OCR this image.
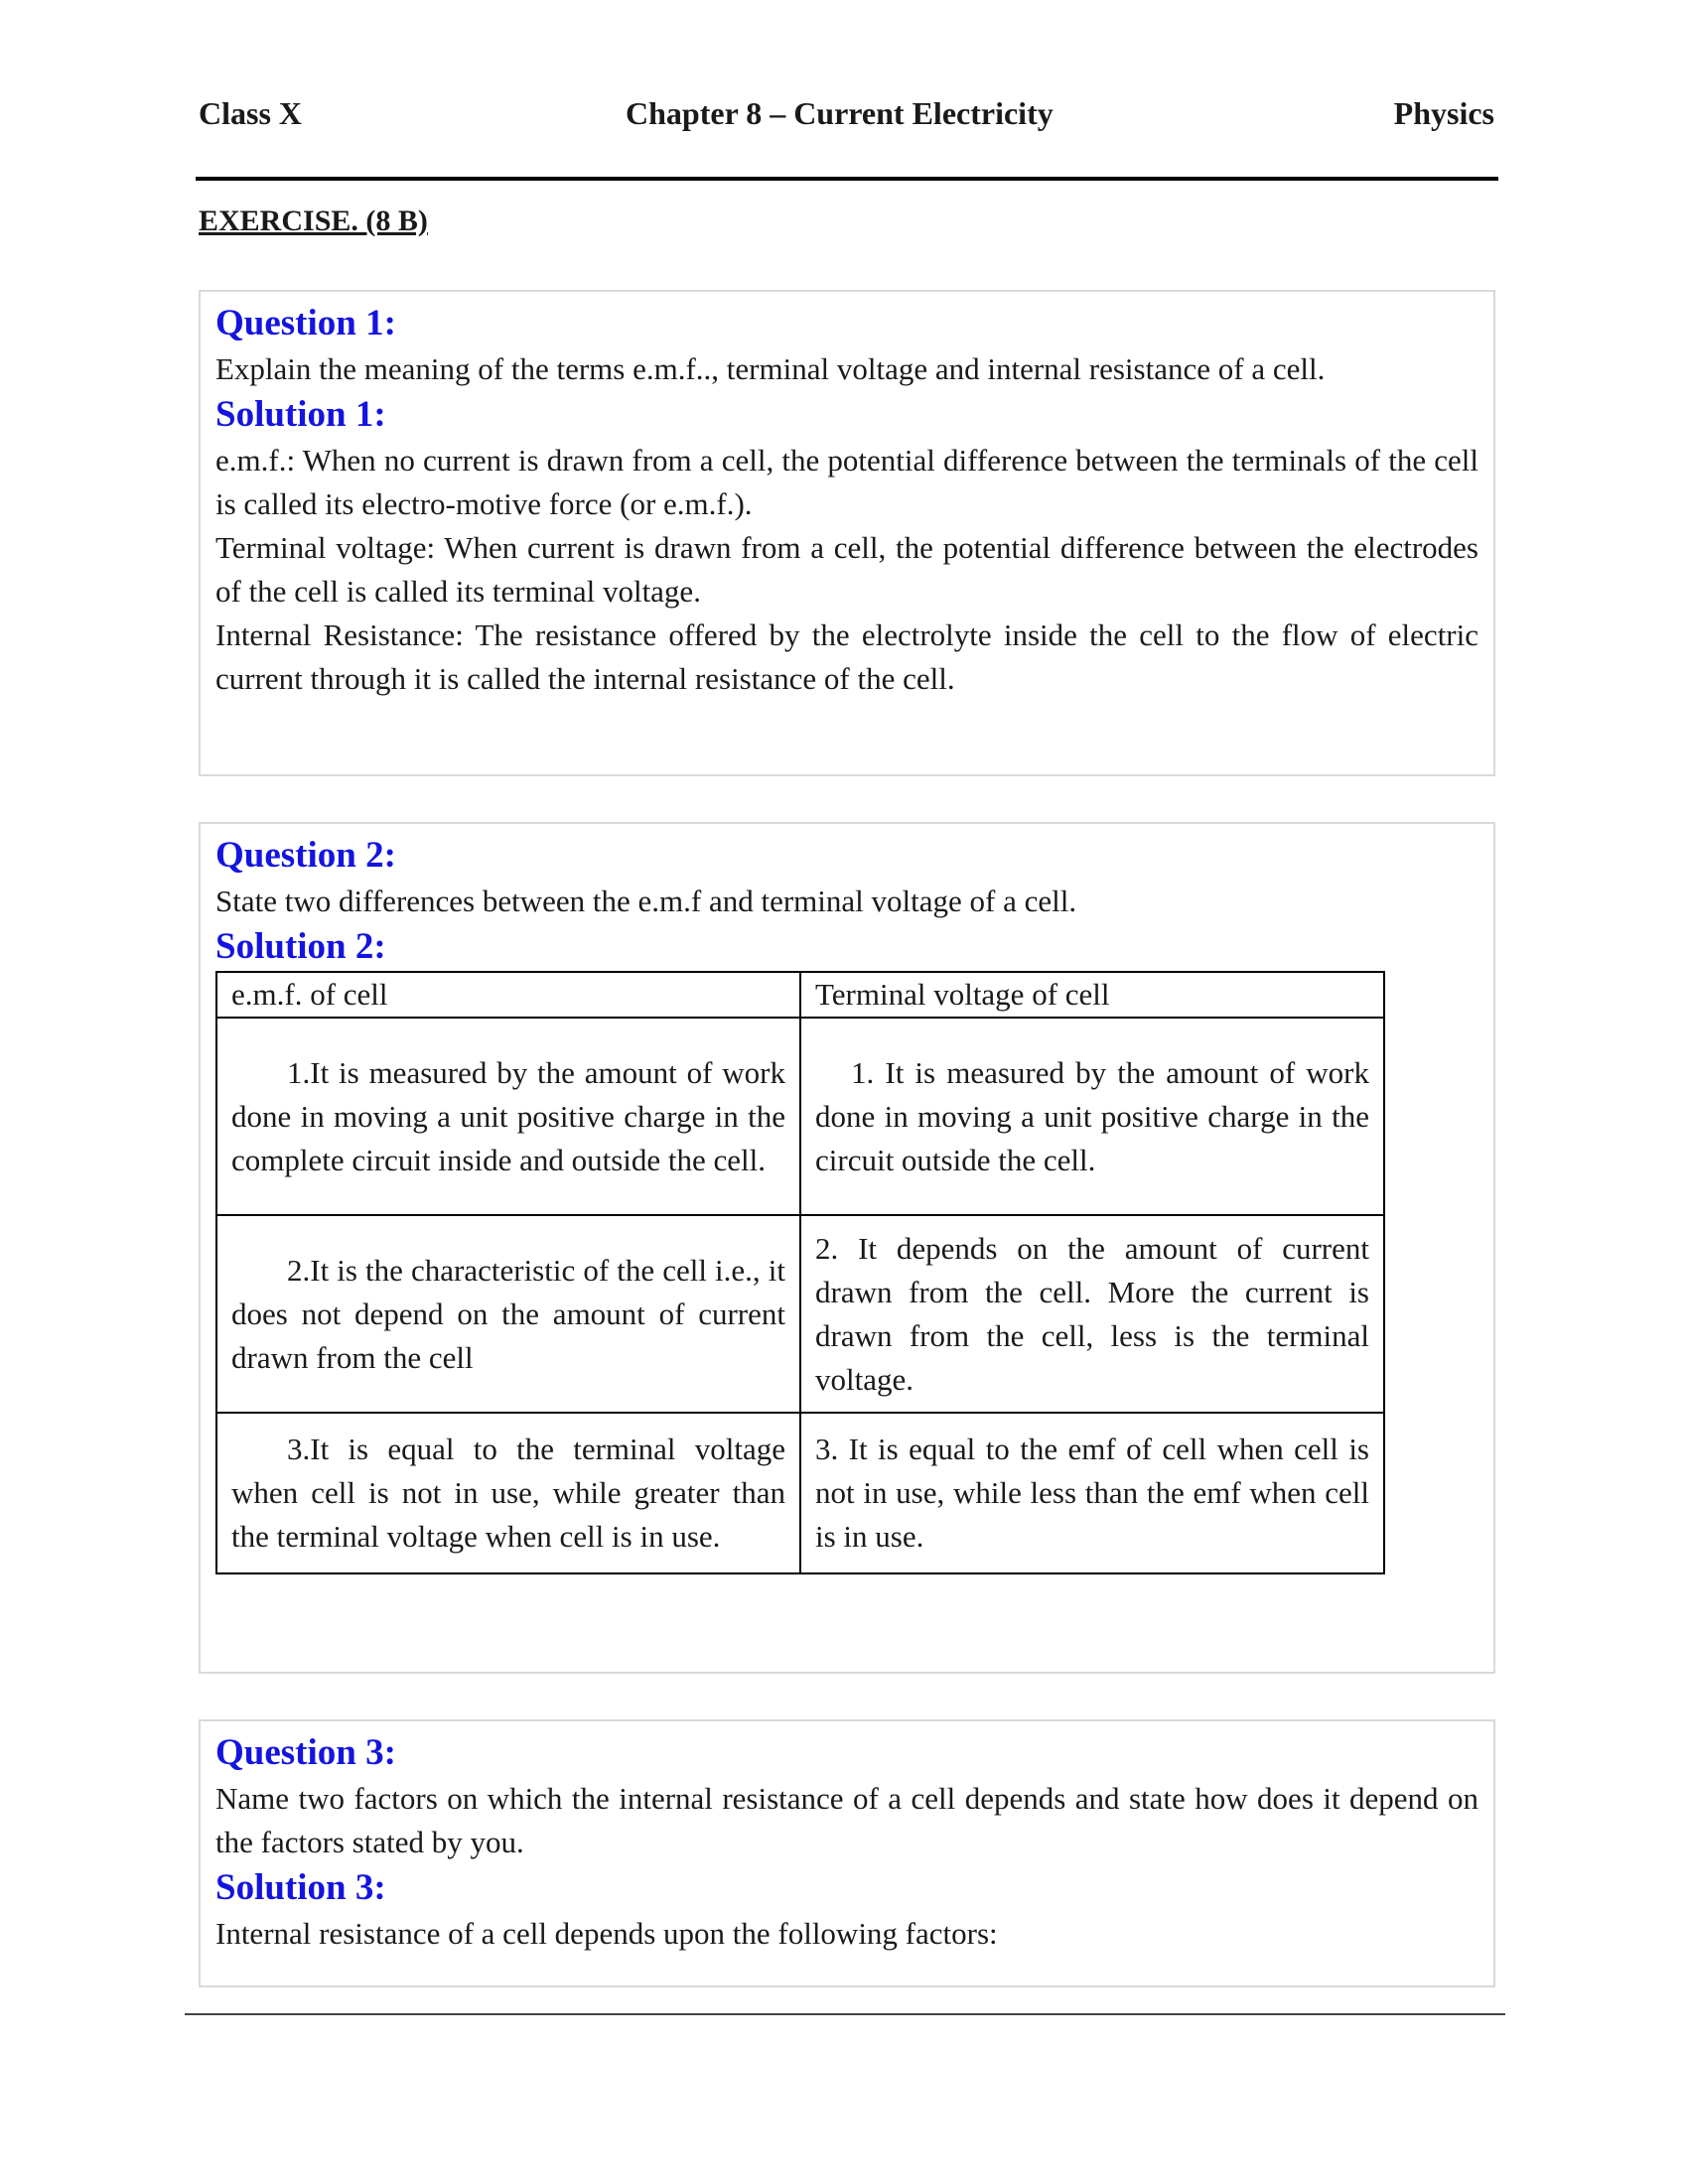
Class X	Chapter 8 – Current Electricity	Physics
EXERCISE. (8 B)
Question 1:
Explain the meaning of the terms e.m.f.., terminal voltage and internal resistance of a cell.
Solution 1:

e.m.f.: When no current is drawn from a cell, the potential difference between the terminals of the cell is called its electro-motive force (or e.m.f.).

Terminal voltage: When current is drawn from a cell, the potential difference between the electrodes of the cell is called its terminal voltage.

Internal Resistance: The resistance offered by the electrolyte inside the cell to the flow of electric current through it is called the internal resistance of the cell.

Question 2:
State two differences between the e.m.f and terminal voltage of a cell.
Solution 2:
e.m.f. of cell	Terminal voltage of cell
1.It is measured by the amount of work done in moving a unit positive charge in the complete circuit inside and outside the cell.	1. It is measured by the amount of work done in moving a unit positive charge in the circuit outside the cell.
2.It is the characteristic of the cell i.e., it does not depend on the amount of current drawn from the cell	2. It depends on the amount of current drawn from the cell. More the current is drawn from the cell, less is the terminal voltage.
3.It is equal to the terminal voltage when cell is not in use, while greater than the terminal voltage when cell is in use.	3. It is equal to the emf of cell when cell is not in use, while less than the emf when cell is in use.
Question 3:
Name two factors on which the internal resistance of a cell depends and state how does it depend on the factors stated by you.
Solution 3:
Internal resistance of a cell depends upon the following factors:
